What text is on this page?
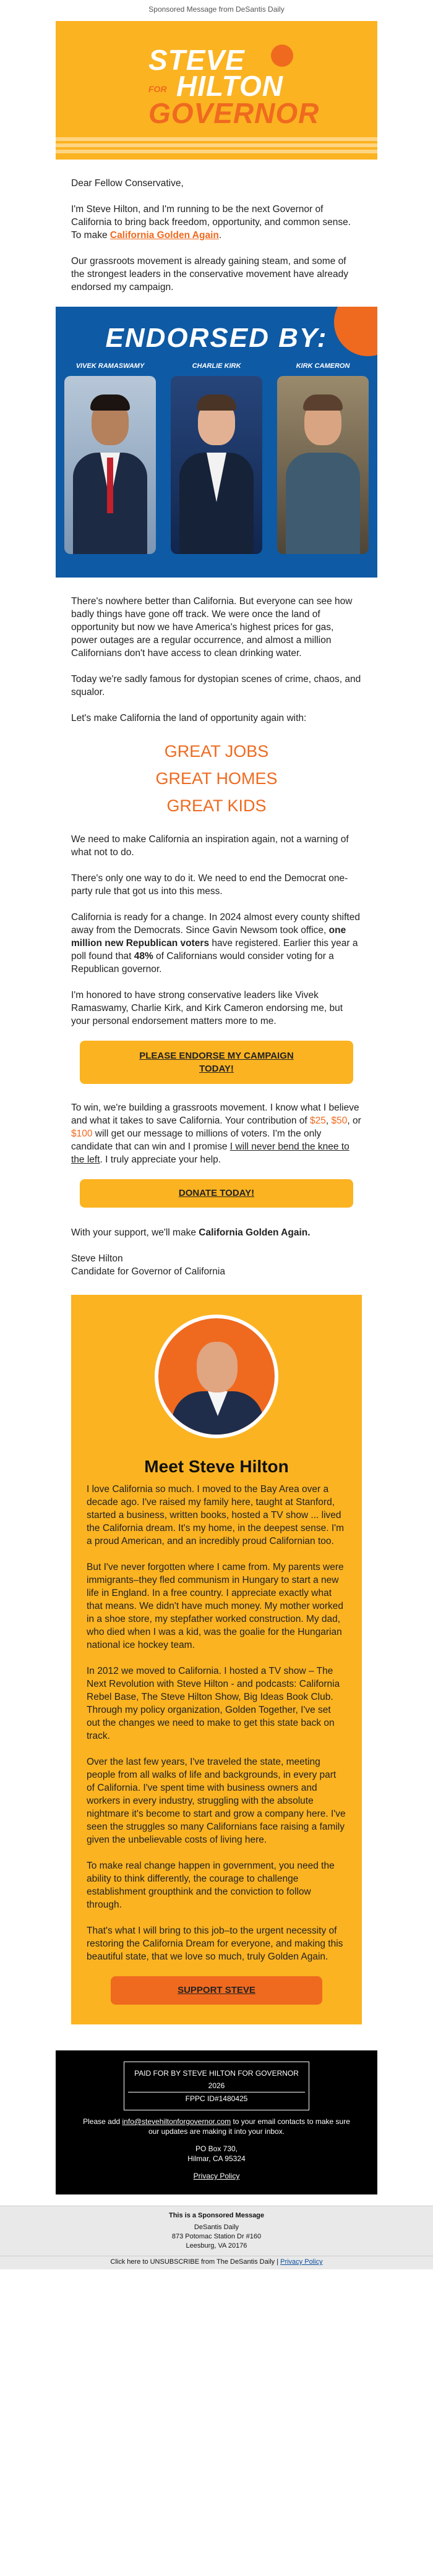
Sponsored Message from DeSantis Daily
STEVE
HILTON
FOR
GOVERNOR

Dear Fellow Conservative,

I'm Steve Hilton, and I'm running to be the next Governor of California to bring back freedom, opportunity, and common sense. To make California Golden Again.

Our grassroots movement is already gaining steam, and some of the strongest leaders in the conservative movement have already endorsed my campaign.

ENDORSED BY:
VIVEK RAMASWAMY	CHARLIE KIRK	KIRK CAMERON

There's nowhere better than California. But everyone can see how badly things have gone off track. We were once the land of opportunity but now we have America's highest prices for gas, power outages are a regular occurrence, and almost a million Californians don't have access to clean drinking water.

Today we're sadly famous for dystopian scenes of crime, chaos, and squalor.

Let's make California the land of opportunity again with:

GREAT JOBS
GREAT HOMES
GREAT KIDS

We need to make California an inspiration again, not a warning of what not to do.

There's only one way to do it. We need to end the Democrat one-party rule that got us into this mess.

California is ready for a change. In 2024 almost every county shifted away from the Democrats. Since Gavin Newsom took office, one million new Republican voters have registered. Earlier this year a poll found that 48% of Californians would consider voting for a Republican governor.

I'm honored to have strong conservative leaders like Vivek Ramaswamy, Charlie Kirk, and Kirk Cameron endorsing me, but your personal endorsement matters more to me.

PLEASE ENDORSE MY CAMPAIGN
TODAY!

To win, we're building a grassroots movement. I know what I believe and what it takes to save California. Your contribution of $25, $50, or $100 will get our message to millions of voters. I'm the only candidate that can win and I promise I will never bend the knee to the left. I truly appreciate your help.

DONATE TODAY!

With your support, we'll make California Golden Again.

Steve Hilton
Candidate for Governor of California

Meet Steve Hilton

I love California so much. I moved to the Bay Area over a decade ago. I've raised my family here, taught at Stanford, started a business, written books, hosted a TV show ... lived the California dream. It's my home, in the deepest sense. I'm a proud American, and an incredibly proud Californian too.

But I've never forgotten where I came from. My parents were immigrants–they fled communism in Hungary to start a new life in England. In a free country. I appreciate exactly what that means. We didn't have much money. My mother worked in a shoe store, my stepfather worked construction. My dad, who died when I was a kid, was the goalie for the Hungarian national ice hockey team.

In 2012 we moved to California. I hosted a TV show – The Next Revolution with Steve Hilton - and podcasts: California Rebel Base, The Steve Hilton Show, Big Ideas Book Club. Through my policy organization, Golden Together, I've set out the changes we need to make to get this state back on track.

Over the last few years, I've traveled the state, meeting people from all walks of life and backgrounds, in every part of California. I've spent time with business owners and workers in every industry, struggling with the absolute nightmare it's become to start and grow a company here. I've seen the struggles so many Californians face raising a family given the unbelievable costs of living here.

To make real change happen in government, you need the ability to think differently, the courage to challenge establishment groupthink and the conviction to follow through.

That's what I will bring to this job–to the urgent necessity of restoring the California Dream for everyone, and making this beautiful state, that we love so much, truly Golden Again.

SUPPORT STEVE
PAID FOR BY STEVE HILTON FOR GOVERNOR 2026
FPPC ID#1480425
Please add info@stevehiltonforgovernor.com to your email contacts to make sure our updates are making it into your inbox.
PO Box 730,
Hilmar, CA 95324
Privacy Policy
This is a Sponsored Message
DeSantis Daily
873 Potomac Station Dr #160
Leesburg, VA 20176
Click here to UNSUBSCRIBE from The DeSantis Daily | Privacy Policy
